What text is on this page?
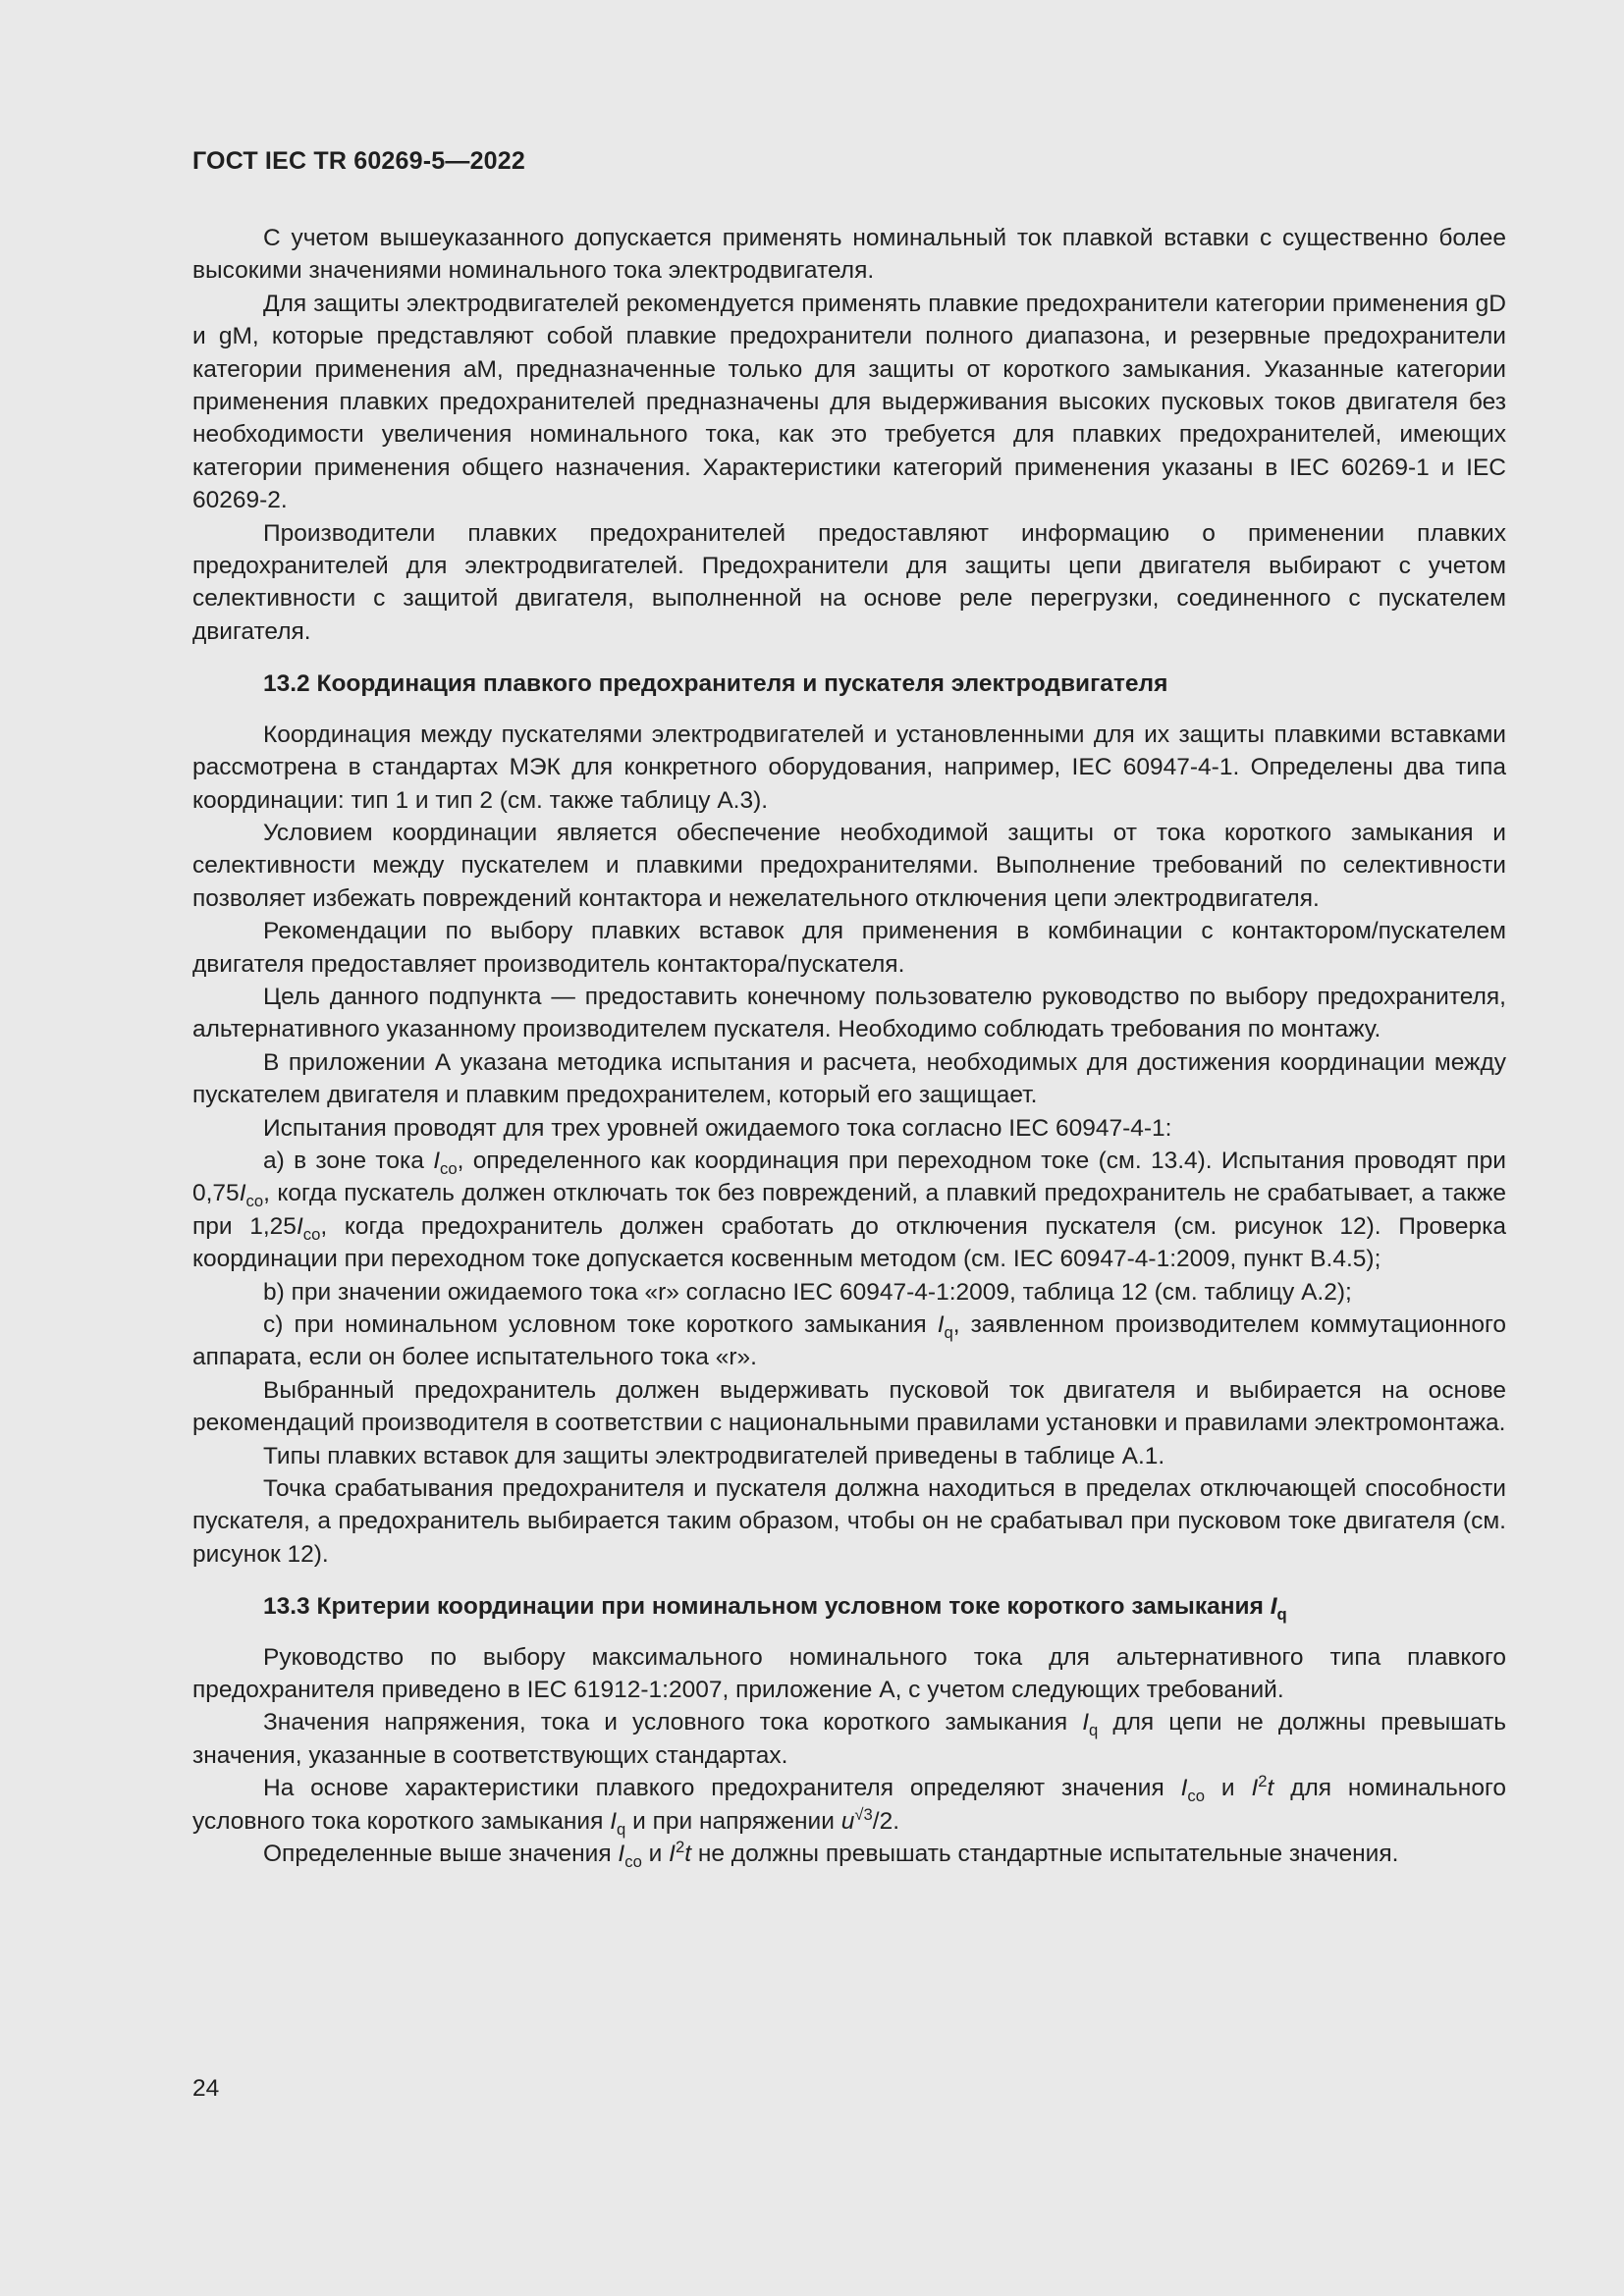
ГОСТ IEC TR 60269-5—2022

С учетом вышеуказанного допускается применять номинальный ток плавкой вставки с существенно более высокими значениями номинального тока электродвигателя.

Для защиты электродвигателей рекомендуется применять плавкие предохранители категории применения gD и gM, которые представляют собой плавкие предохранители полного диапазона, и резервные предохранители категории применения aM, предназначенные только для защиты от короткого замыкания. Указанные категории применения плавких предохранителей предназначены для выдерживания высоких пусковых токов двигателя без необходимости увеличения номинального тока, как это требуется для плавких предохранителей, имеющих категории применения общего назначения. Характеристики категорий применения указаны в IEC 60269-1 и IEC 60269-2.

Производители плавких предохранителей предоставляют информацию о применении плавких предохранителей для электродвигателей. Предохранители для защиты цепи двигателя выбирают с учетом селективности с защитой двигателя, выполненной на основе реле перегрузки, соединенного с пускателем двигателя.

13.2 Координация плавкого предохранителя и пускателя электродвигателя

Координация между пускателями электродвигателей и установленными для их защиты плавкими вставками рассмотрена в стандартах МЭК для конкретного оборудования, например, IEC 60947-4-1. Определены два типа координации: тип 1 и тип 2 (см. также таблицу А.3).

Условием координации является обеспечение необходимой защиты от тока короткого замыкания и селективности между пускателем и плавкими предохранителями. Выполнение требований по селективности позволяет избежать повреждений контактора и нежелательного отключения цепи электродвигателя.

Рекомендации по выбору плавких вставок для применения в комбинации с контактором/пускателем двигателя предоставляет производитель контактора/пускателя.

Цель данного подпункта — предоставить конечному пользователю руководство по выбору предохранителя, альтернативного указанному производителем пускателя. Необходимо соблюдать требования по монтажу.

В приложении А указана методика испытания и расчета, необходимых для достижения координации между пускателем двигателя и плавким предохранителем, который его защищает.

Испытания проводят для трех уровней ожидаемого тока согласно IEC 60947-4-1:

а) в зоне тока $I_{co}$, определенного как координация при переходном токе (см. 13.4). Испытания проводят при $0,75I_{co}$, когда пускатель должен отключать ток без повреждений, а плавкий предохранитель не срабатывает, а также при $1,25I_{co}$, когда предохранитель должен сработать до отключения пускателя (см. рисунок 12). Проверка координации при переходном токе допускается косвенным методом (см. IEC 60947-4-1:2009, пункт В.4.5);

b) при значении ожидаемого тока «r» согласно IEC 60947-4-1:2009, таблица 12 (см. таблицу А.2);

с) при номинальном условном токе короткого замыкания $I_q$, заявленном производителем коммутационного аппарата, если он более испытательного тока «r».

Выбранный предохранитель должен выдерживать пусковой ток двигателя и выбирается на основе рекомендаций производителя в соответствии с национальными правилами установки и правилами электромонтажа.

Типы плавких вставок для защиты электродвигателей приведены в таблице А.1.

Точка срабатывания предохранителя и пускателя должна находиться в пределах отключающей способности пускателя, а предохранитель выбирается таким образом, чтобы он не срабатывал при пусковом токе двигателя (см. рисунок 12).

13.3 Критерии координации при номинальном условном токе короткого замыкания $I_q$

Руководство по выбору максимального номинального тока для альтернативного типа плавкого предохранителя приведено в IEC 61912-1:2007, приложение А, с учетом следующих требований.

Значения напряжения, тока и условного тока короткого замыкания $I_q$ для цепи не должны превышать значения, указанные в соответствующих стандартах.

На основе характеристики плавкого предохранителя определяют значения $I_{co}$ и $I^2t$ для номинального условного тока короткого замыкания $I_q$ и при напряжении $u^{√3}/2$.

Определенные выше значения $I_{co}$ и $I^2t$ не должны превышать стандартные испытательные значения.

24
